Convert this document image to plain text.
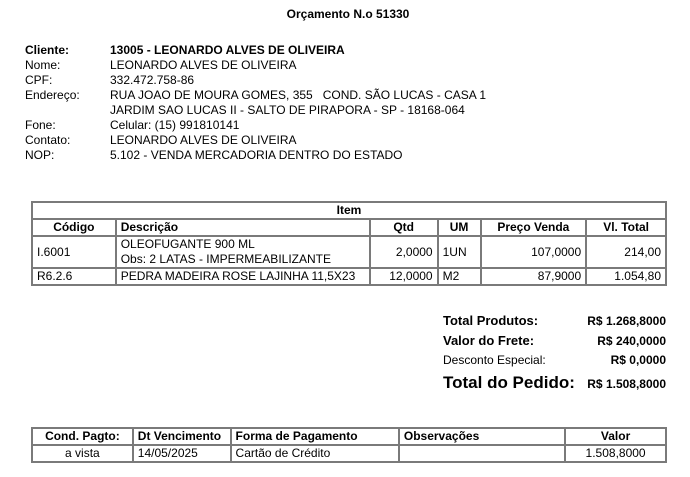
Orçamento N.o 51330
Cliente:	13005 - LEONARDO ALVES DE OLIVEIRA
Nome:	LEONARDO ALVES DE OLIVEIRA
CPF:	332.472.758-86
Endereço:	RUA JOAO DE MOURA GOMES, 355   COND. SÃO LUCAS - CASA 1
JARDIM SAO LUCAS II - SALTO DE PIRAPORA - SP - 18168-064
Fone:	Celular: (15) 991810141
Contato:	LEONARDO ALVES DE OLIVEIRA
NOP:	5.102 - VENDA MERCADORIA DENTRO DO ESTADO
Item					
Código	Descrição	Qtd	UM	Preço Venda	Vl. Total
I.6001	OLEOFUGANTE 900 ML
Obs: 2 LATAS - IMPERMEABILIZANTE	2,0000	1UN	107,0000	214,00
R6.2.6	PEDRA MADEIRA ROSE LAJINHA 11,5X23	12,0000	M2	87,9000	1.054,80
Total Produtos:	R$ 1.268,8000
Valor do Frete:	R$ 240,0000
Desconto Especial:	R$ 0,0000
Total do Pedido: R$ 1.508,8000
Cond. Pagto:	Dt Vencimento	Forma de Pagamento	Observações	Valor
a vista	14/05/2025	Cartão de Crédito		1.508,8000
